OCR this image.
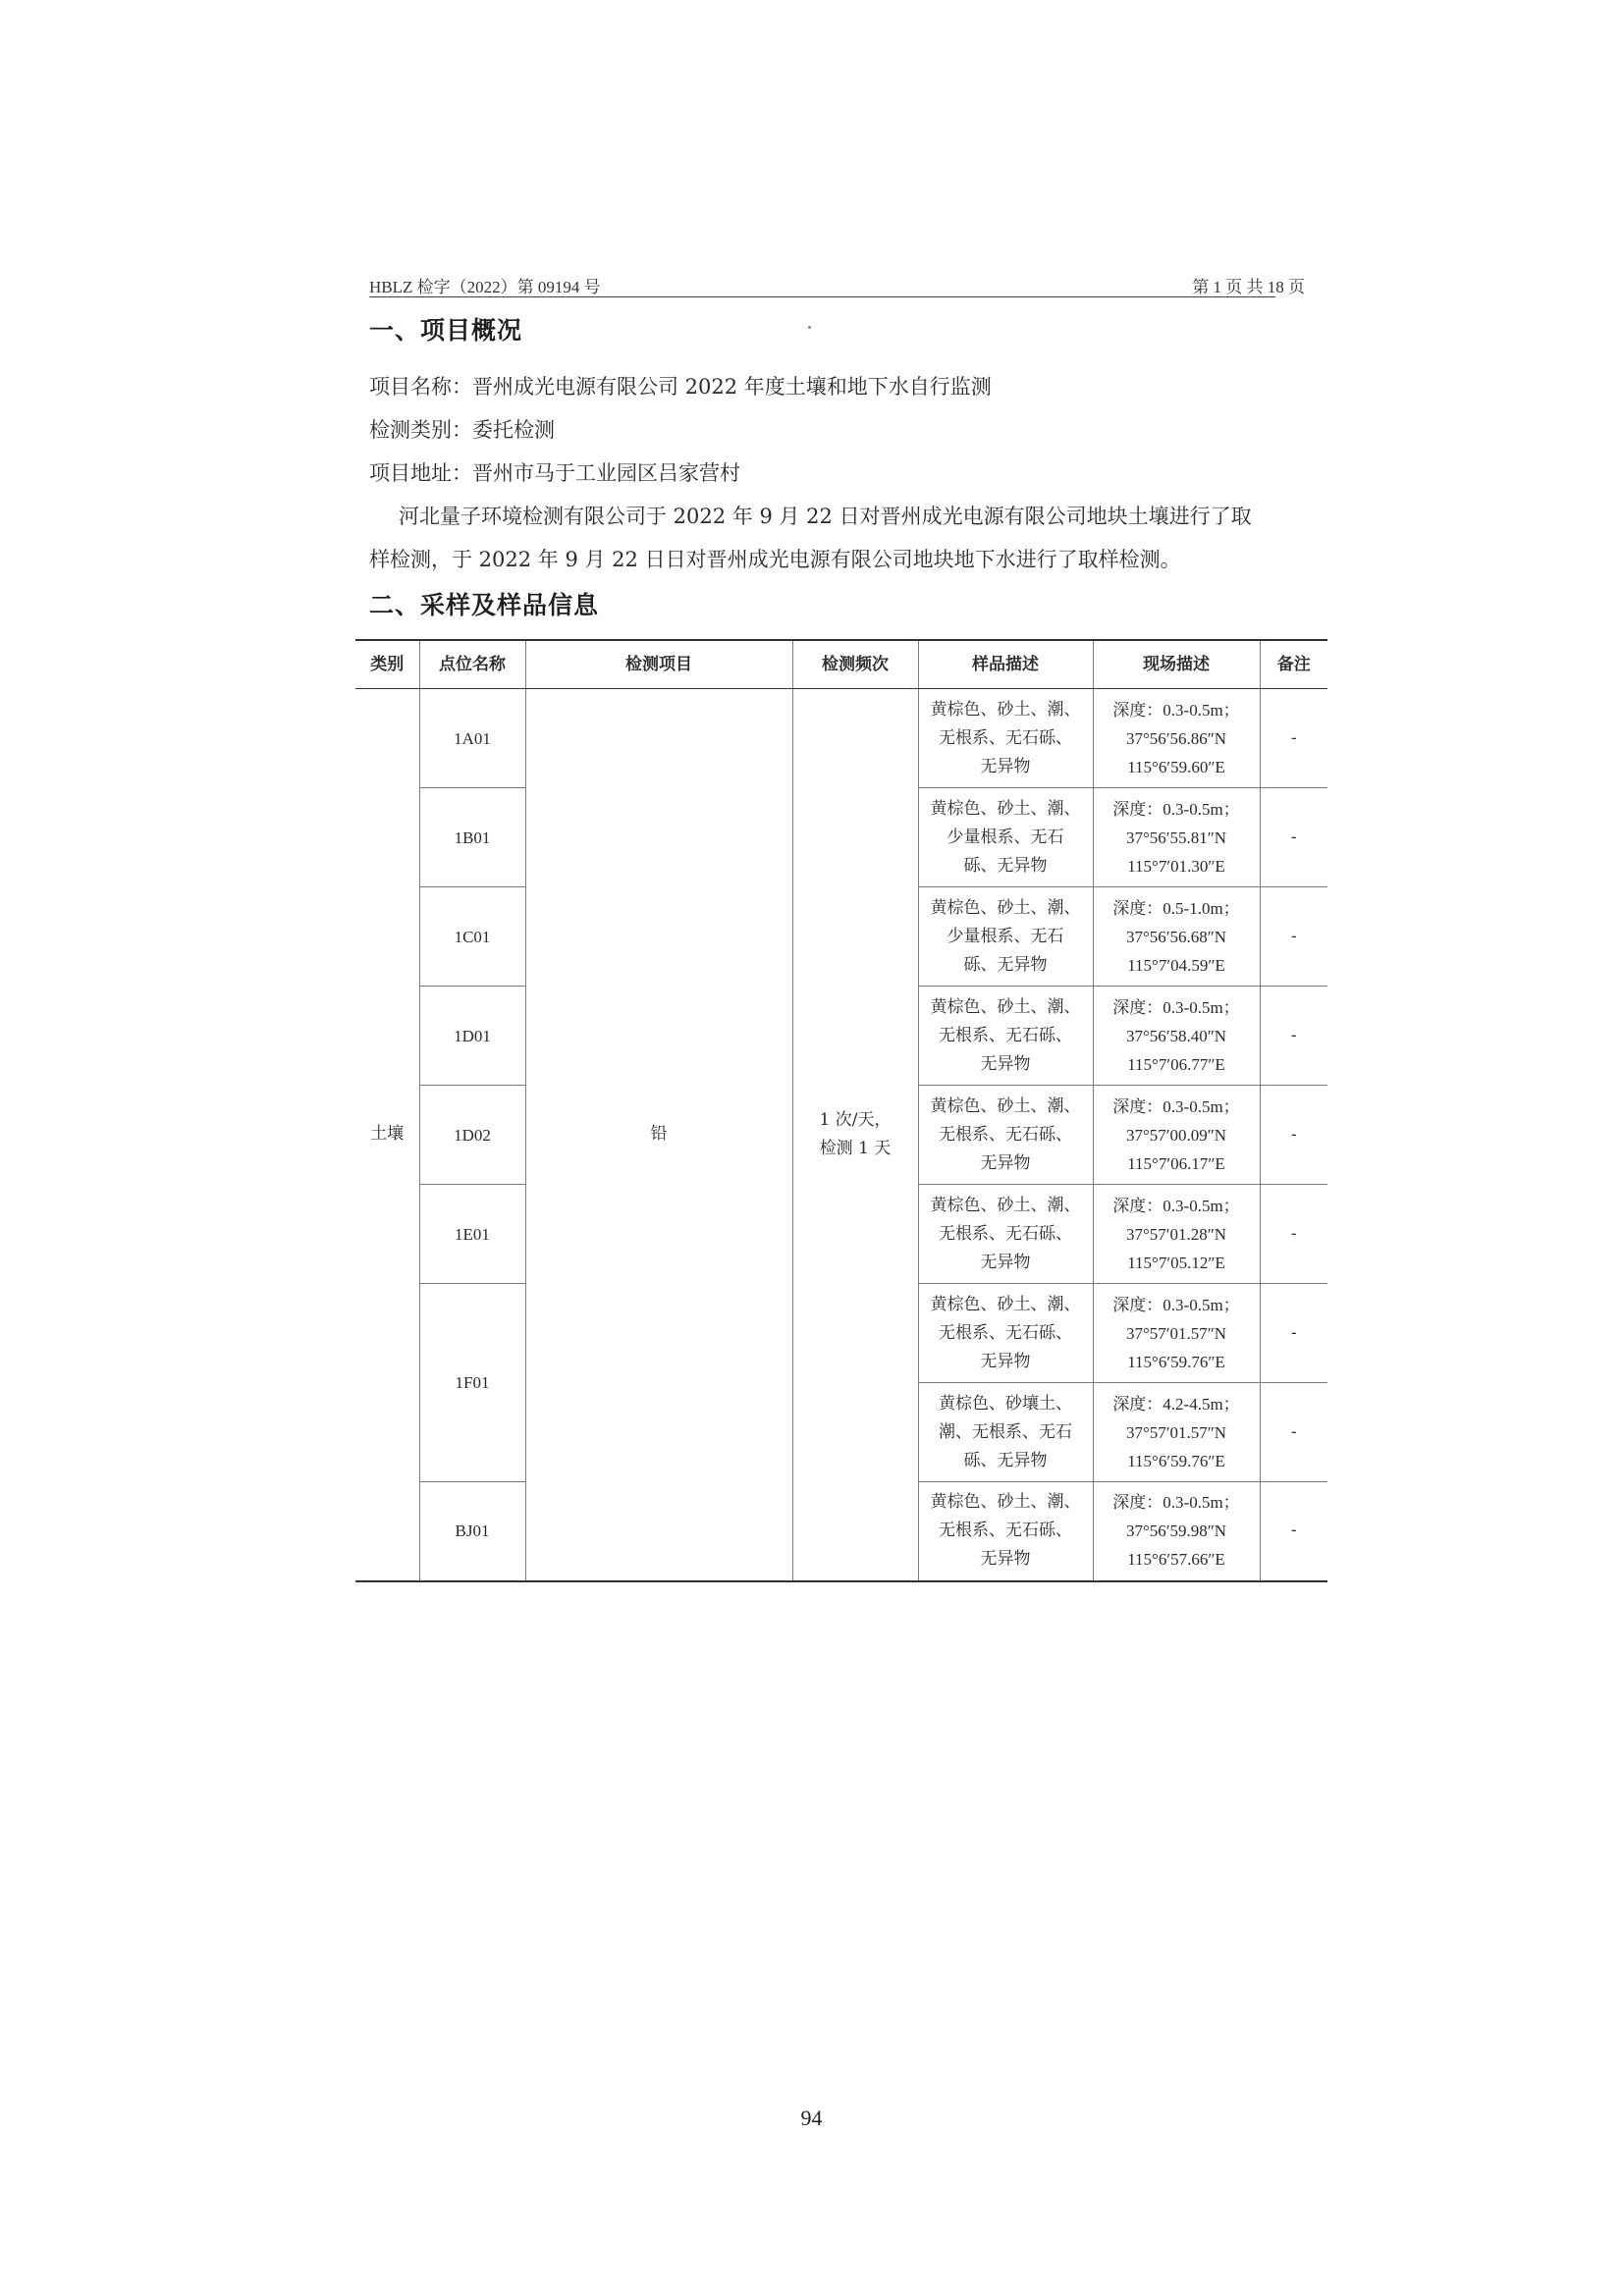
HBLZ 检字（2022）第 09194 号	第 1 页 共 18 页
一、项目概况
项目名称：晋州成光电源有限公司 2022 年度土壤和地下水自行监测
检测类别：委托检测
项目地址：晋州市马于工业园区吕家营村
河北量子环境检测有限公司于 2022 年 9 月 22 日对晋州成光电源有限公司地块土壤进行了取
样检测，于 2022 年 9 月 22 日日对晋州成光电源有限公司地块地下水进行了取样检测。
二、采样及样品信息
类别	点位名称	检测项目	检测频次	样品描述	现场描述	备注
土壤	1A01	铅	1 次/天，
检测 1 天	黄棕色、砂土、潮、
无根系、无石砾、
无异物	深度：0.3-0.5m；
37°56′56.86″N
115°6′59.60″E	-
	1B01			黄棕色、砂土、潮、
少量根系、无石
砾、无异物	深度：0.3-0.5m；
37°56′55.81″N
115°7′01.30″E	-
	1C01			黄棕色、砂土、潮、
少量根系、无石
砾、无异物	深度：0.5-1.0m；
37°56′56.68″N
115°7′04.59″E	-
	1D01			黄棕色、砂土、潮、
无根系、无石砾、
无异物	深度：0.3-0.5m；
37°56′58.40″N
115°7′06.77″E	-
	1D02			黄棕色、砂土、潮、
无根系、无石砾、
无异物	深度：0.3-0.5m；
37°57′00.09″N
115°7′06.17″E	-
	1E01			黄棕色、砂土、潮、
无根系、无石砾、
无异物	深度：0.3-0.5m；
37°57′01.28″N
115°7′05.12″E	-
	1F01			黄棕色、砂土、潮、
无根系、无石砾、
无异物	深度：0.3-0.5m；
37°57′01.57″N
115°6′59.76″E	-
				黄棕色、砂壤土、
潮、无根系、无石
砾、无异物	深度：4.2-4.5m；
37°57′01.57″N
115°6′59.76″E	-
	BJ01			黄棕色、砂土、潮、
无根系、无石砾、
无异物	深度：0.3-0.5m；
37°56′59.98″N
115°6′57.66″E	-
94
